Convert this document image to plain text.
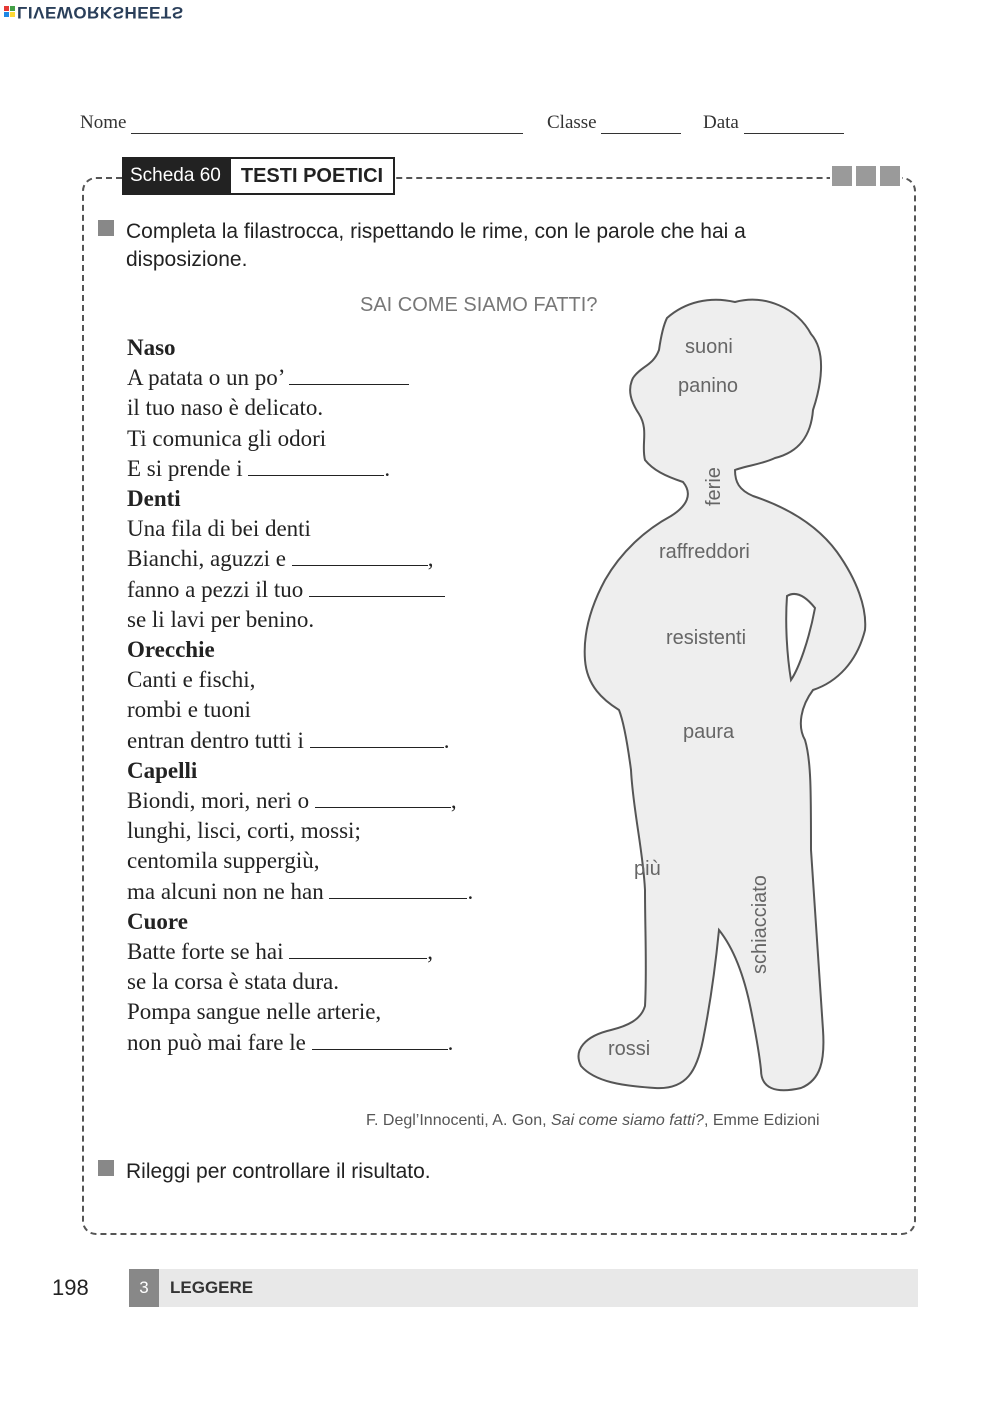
LIVEWORKSHEETS
Nome	Classe	Data
Scheda 60	TESTI POETICI
Completa la filastrocca, rispettando le rime, con le parole che hai a disposizione.
SAI COME SIAMO FATTI?
suoni
panino
ferie
raffreddori
resistenti
paura
più
schiacciato
rossi
Naso
A patata o un po’
il tuo naso è delicato.
Ti comunica gli odori
E si prende i	.
Denti
Una fila di bei denti
Bianchi, aguzzi e	,
fanno a pezzi il tuo
se li lavi per benino.
Orecchie
Canti e fischi,
rombi e tuoni
entran dentro tutti i	.
Capelli
Biondi, mori, neri o	,
lunghi, lisci, corti, mossi;
centomila suppergiù,
ma alcuni non ne han	.
Cuore
Batte forte se hai	,
se la corsa è stata dura.
Pompa sangue nelle arterie,
non può mai fare le	.
F. Degl’Innocenti, A. Gon, Sai come siamo fatti?, Emme Edizioni
Rileggi per controllare il risultato.
198	3	LEGGERE
